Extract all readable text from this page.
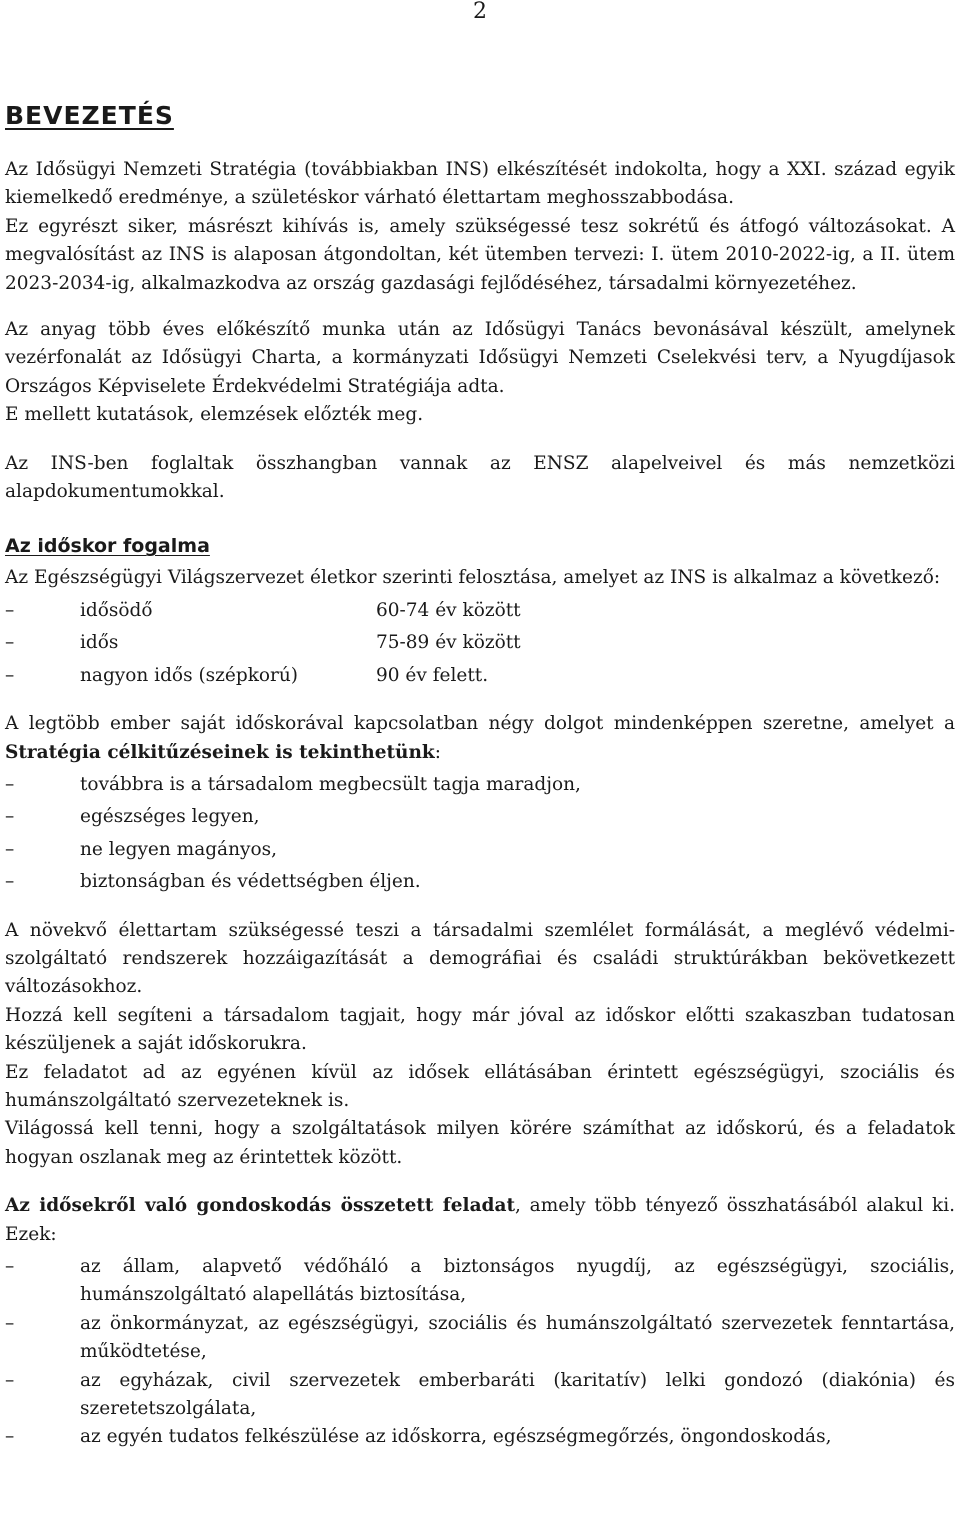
2
BEVEZETÉS

Az Idősügyi Nemzeti Stratégia (továbbiakban INS) elkészítését indokolta, hogy a XXI. század egyik kiemelkedő eredménye, a születéskor várható élettartam meghosszabbodása.

Ez egyrészt siker, másrészt kihívás is, amely szükségessé tesz sokrétű és átfogó változásokat. A megvalósítást az INS is alaposan átgondoltan, két ütemben tervezi: I. ütem 2010-2022-ig, a II. ütem 2023-2034-ig, alkalmazkodva az ország gazdasági fejlődéséhez, társadalmi környezetéhez.

Az anyag több éves előkészítő munka után az Idősügyi Tanács bevonásával készült, amelynek vezérfonalát az Idősügyi Charta, a kormányzati Idősügyi Nemzeti Cselekvési terv, a Nyugdíjasok Országos Képviselete Érdekvédelmi Stratégiája adta.

E mellett kutatások, elemzések előzték meg.

Az INS-ben foglaltak összhangban vannak az ENSZ alapelveivel és más nemzetközi alapdokumentumokkal.

Az időskor fogalma

Az Egészségügyi Világszervezet életkor szerinti felosztása, amelyet az INS is alkalmaz a következő:

–	idősödő	60-74 év között
–	idős	75-89 év között
–	nagyon idős (szépkorú)	90 év felett.

A legtöbb ember saját időskorával kapcsolatban négy dolgot mindenképpen szeretne, amelyet a Stratégia célkitűzéseinek is tekinthetünk:

–	továbbra is a társadalom megbecsült tagja maradjon,
–	egészséges legyen,
–	ne legyen magányos,
–	biztonságban és védettségben éljen.

A növekvő élettartam szükségessé teszi a társadalmi szemlélet formálását, a meglévő védelmi-szolgáltató rendszerek hozzáigazítását a demográfiai és családi struktúrákban bekövetkezett változásokhoz.

Hozzá kell segíteni a társadalom tagjait, hogy már jóval az időskor előtti szakaszban tudatosan készüljenek a saját időskorukra.

Ez feladatot ad az egyénen kívül az idősek ellátásában érintett egészségügyi, szociális és humánszolgáltató szervezeteknek is.

Világossá kell tenni, hogy a szolgáltatások milyen körére számíthat az időskorú, és a feladatok hogyan oszlanak meg az érintettek között.

Az idősekről való gondoskodás összetett feladat, amely több tényező összhatásából alakul ki. Ezek:

–	az állam, alapvető védőháló a biztonságos nyugdíj, az egészségügyi, szociális, humánszolgáltató alapellátás biztosítása,
–	az önkormányzat, az egészségügyi, szociális és humánszolgáltató szervezetek fenntartása, működtetése,
–	az egyházak, civil szervezetek emberbaráti (karitatív) lelki gondozó (diakónia) és szeretetszolgálata,
–	az egyén tudatos felkészülése az időskorra, egészségmegőrzés, öngondoskodás,
